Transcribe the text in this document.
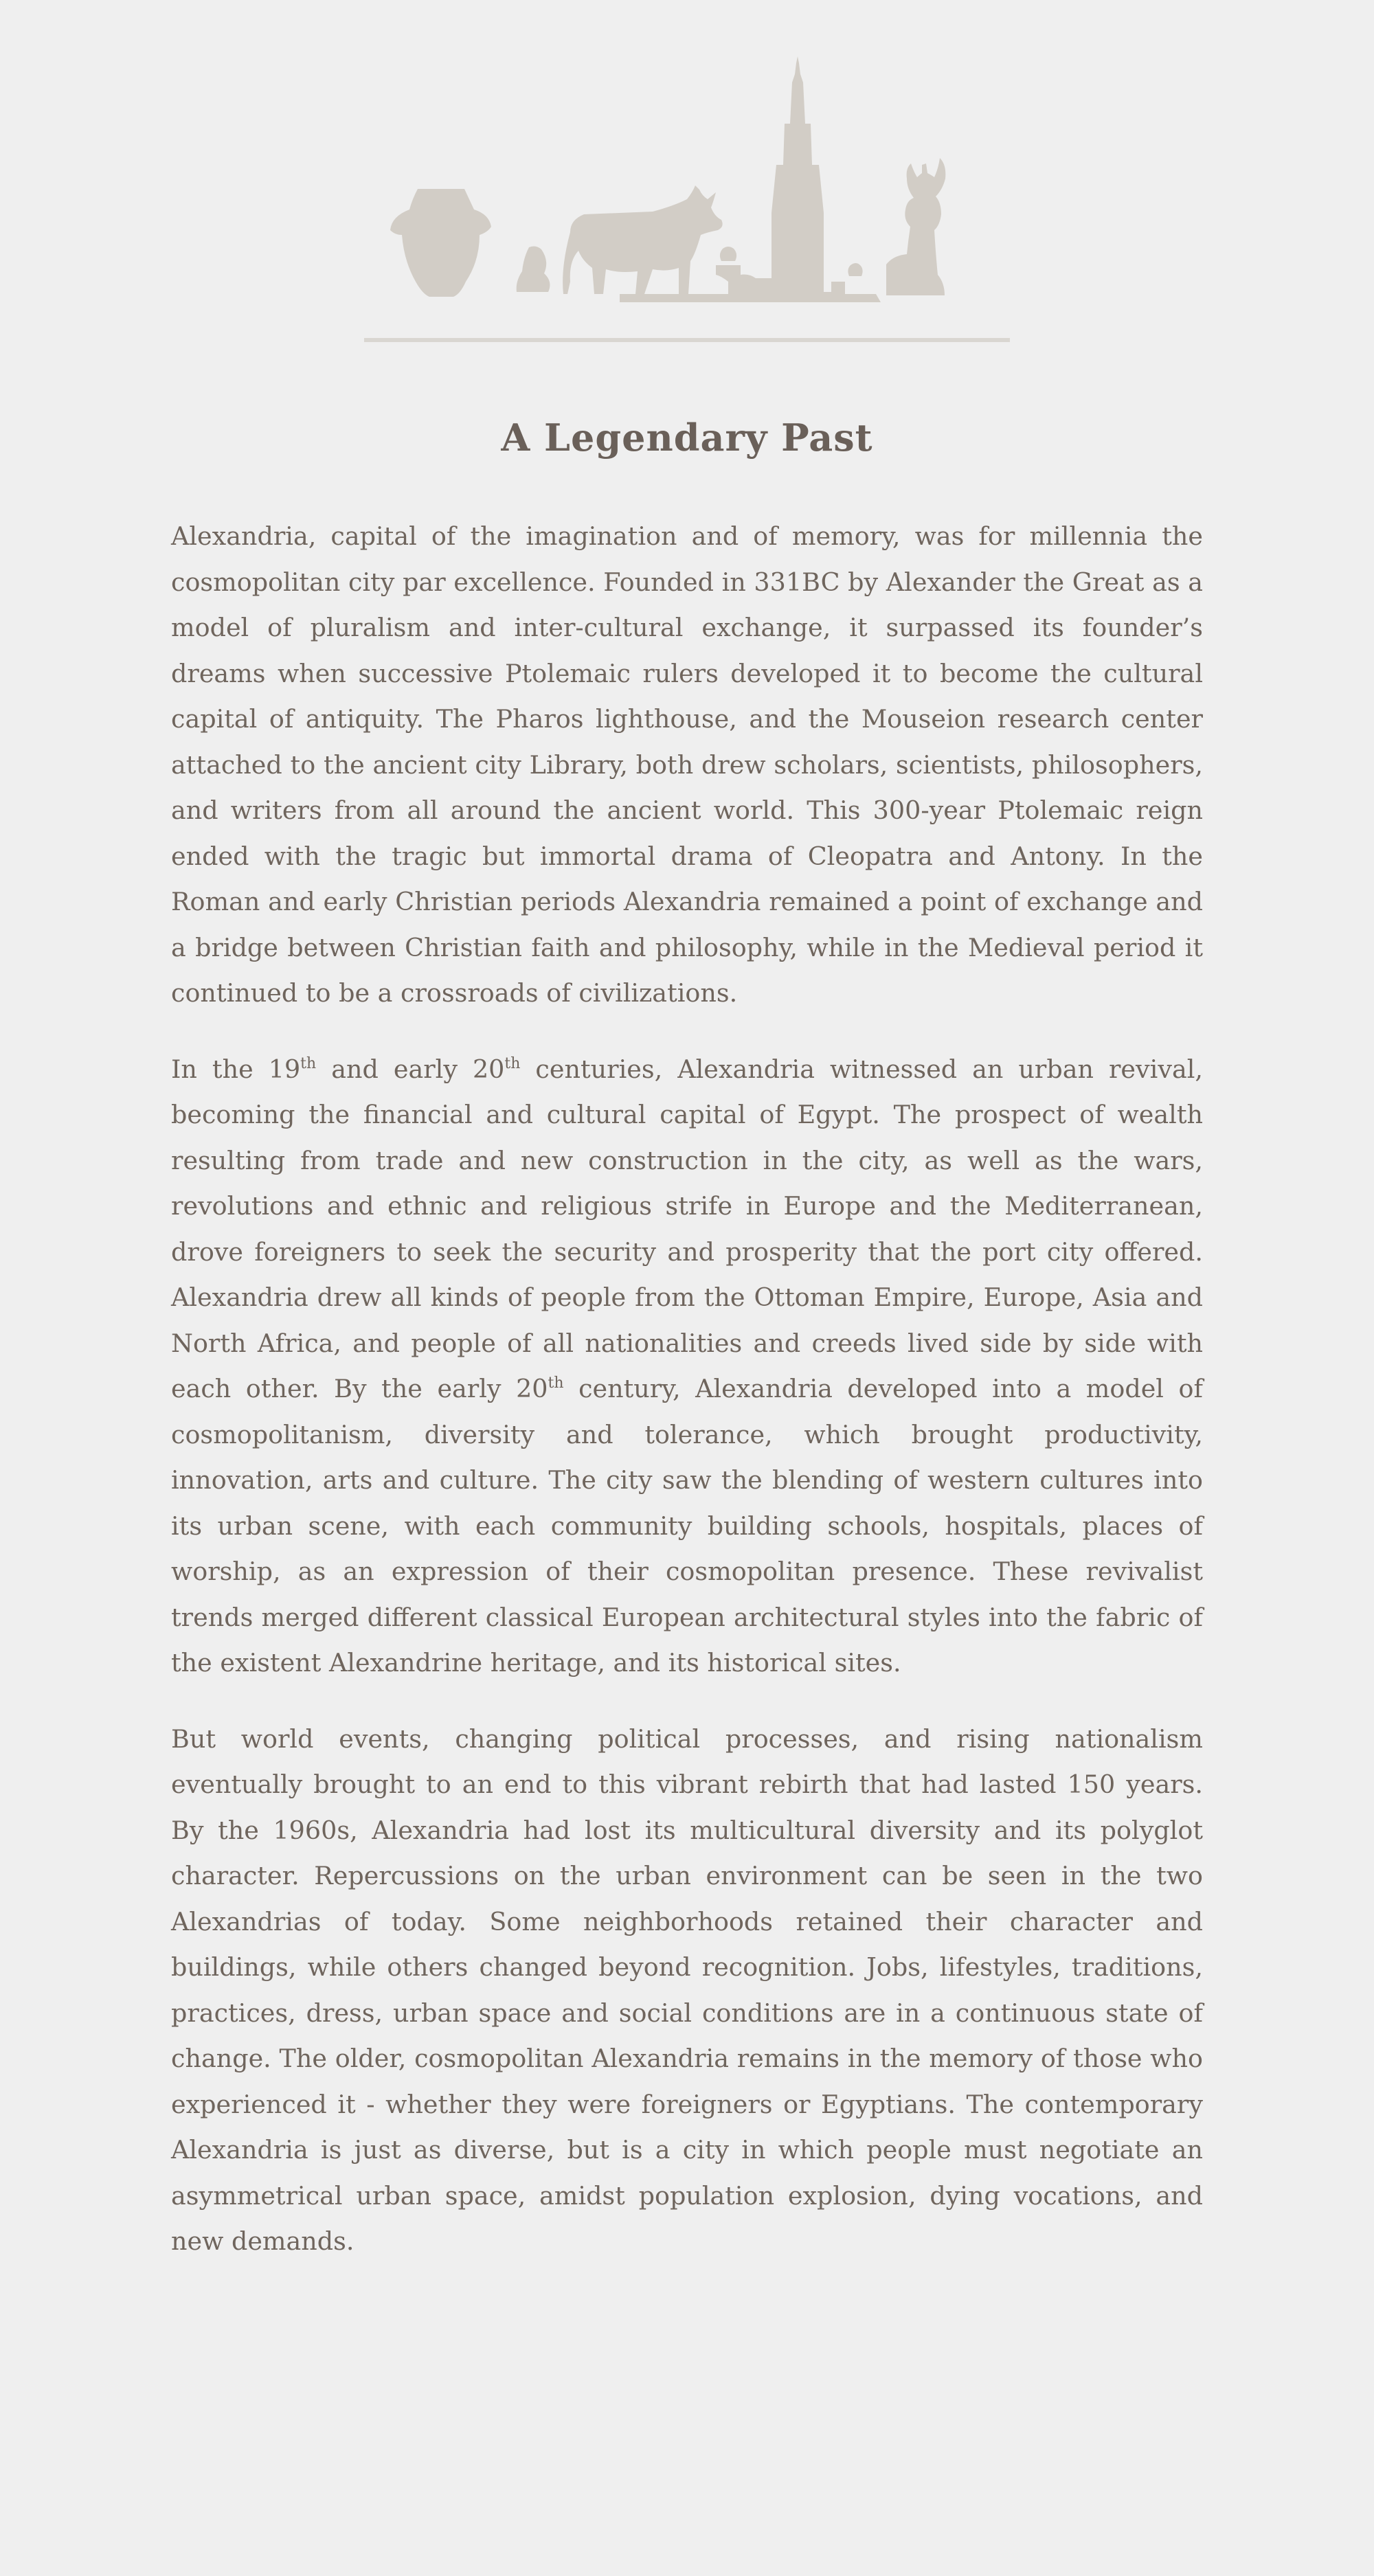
A Legendary Past

Alexandria, capital of the imagination and of memory, was for millennia the cosmopolitan city par excellence. Founded in 331BC by Alexander the Great as a model of pluralism and inter-cultural exchange, it surpassed its founder’s dreams when successive Ptolemaic rulers developed it to become the cultural capital of antiquity. The Pharos lighthouse, and the Mouseion research center attached to the ancient city Library, both drew scholars, scientists, philosophers, and writers from all around the ancient world. This 300-year Ptolemaic reign ended with the tragic but immortal drama of Cleopatra and Antony. In the Roman and early Christian periods Alexandria remained a point of exchange and a bridge between Christian faith and philosophy, while in the Medieval period it continued to be a crossroads of civilizations.

In the 19th and early 20th centuries, Alexandria witnessed an urban revival, becoming the financial and cultural capital of Egypt. The prospect of wealth resulting from trade and new construction in the city, as well as the wars, revolutions and ethnic and religious strife in Europe and the Mediterranean, drove foreigners to seek the security and prosperity that the port city offered. Alexandria drew all kinds of people from the Ottoman Empire, Europe, Asia and North Africa, and people of all nationalities and creeds lived side by side with each other. By the early 20th century, Alexandria developed into a model of cosmopolitanism, diversity and tolerance, which brought productivity, innovation, arts and culture. The city saw the blending of western cultures into its urban scene, with each community building schools, hospitals, places of worship, as an expression of their cosmopolitan presence. These revivalist trends merged different classical European architectural styles into the fabric of the existent Alexandrine heritage, and its historical sites.

But world events, changing political processes, and rising nationalism eventually brought to an end to this vibrant rebirth that had lasted 150 years. By the 1960s, Alexandria had lost its multicultural diversity and its polyglot character. Repercussions on the urban environment can be seen in the two Alexandrias of today. Some neighborhoods retained their character and buildings, while others changed beyond recognition. Jobs, lifestyles, traditions, practices, dress, urban space and social conditions are in a continuous state of change. The older, cosmopolitan Alexandria remains in the memory of those who experienced it - whether they were foreigners or Egyptians. The contemporary Alexandria is just as diverse, but is a city in which people must negotiate an asymmetrical urban space, amidst population explosion, dying vocations, and new demands.
